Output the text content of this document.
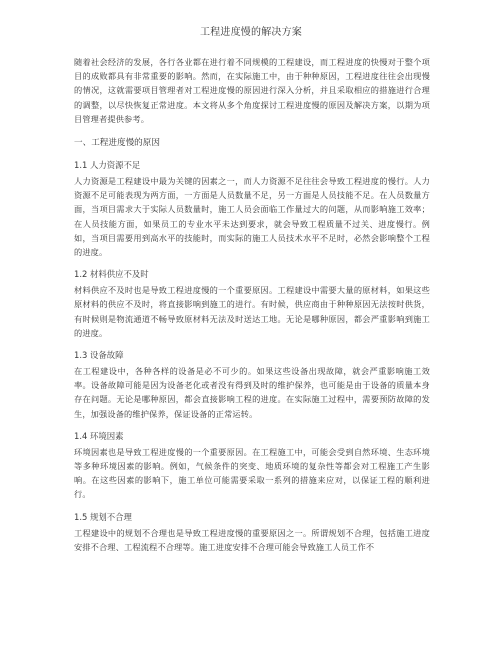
工程进度慢的解决方案

随着社会经济的发展，各行各业都在进行着不同规模的工程建设，而工程进度的快慢对于整个项目的成败都具有非常重要的影响。然而，在实际施工中，由于种种原因，工程进度往往会出现慢的情况，这就需要项目管理者对工程进度慢的原因进行深入分析，并且采取相应的措施进行合理的调整，以尽快恢复正常进度。本文将从多个角度探讨工程进度慢的原因及解决方案，以期为项目管理者提供参考。

一、工程进度慢的原因
1.1 人力资源不足

人力资源是工程建设中最为关键的因素之一，而人力资源不足往往会导致工程进度的慢行。人力资源不足可能表现为两方面，一方面是人员数量不足，另一方面是人员技能不足。在人员数量方面，当项目需求大于实际人员数量时，施工人员会面临工作量过大的问题，从而影响施工效率；在人员技能方面，如果员工的专业水平未达到要求，就会导致工程质量不过关、进度慢行。例如，当项目需要用到高水平的技能时，而实际的施工人员技术水平不足时，必然会影响整个工程的进度。

1.2 材料供应不及时

材料供应不及时也是导致工程进度慢的一个重要原因。工程建设中需要大量的原材料，如果这些原材料的供应不及时，将直接影响到施工的进行。有时候，供应商由于种种原因无法按时供货，有时候则是物流通道不畅导致原材料无法及时送达工地。无论是哪种原因，都会严重影响到施工的进度。

1.3 设备故障

在工程建设中，各种各样的设备是必不可少的。如果这些设备出现故障，就会严重影响施工效率。设备故障可能是因为设备老化或者没有得到及时的维护保养，也可能是由于设备的质量本身存在问题。无论是哪种原因，都会直接影响工程的进度。在实际施工过程中，需要预防故障的发生，加强设备的维护保养，保证设备的正常运转。

1.4 环境因素

环境因素也是导致工程进度慢的一个重要原因。在工程施工中，可能会受到自然环境、生态环境等多种环境因素的影响。例如，气候条件的突变、地质环境的复杂性等都会对工程施工产生影响。在这些因素的影响下，施工单位可能需要采取一系列的措施来应对，以保证工程的顺利进行。

1.5 规划不合理

工程建设中的规划不合理也是导致工程进度慢的重要原因之一。所谓规划不合理，包括施工进度安排不合理、工程流程不合理等。施工进度安排不合理可能会导致施工人员工作不
